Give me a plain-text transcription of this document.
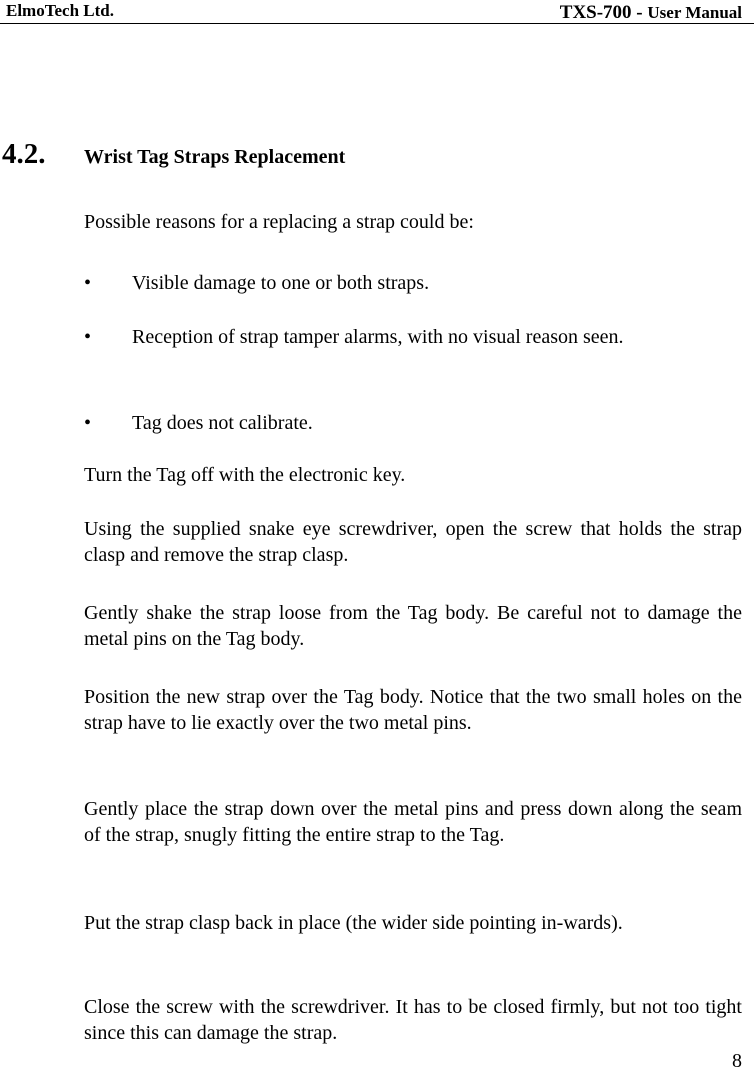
ElmoTech Ltd.	TXS-700 - User Manual
4.2. Wrist Tag Straps Replacement
Possible reasons for a replacing a strap could be:
•	Visible damage to one or both straps.
•	Reception of strap tamper alarms, with no visual reason seen.
•	Tag does not calibrate.
Turn the Tag off with the electronic key.
Using the supplied snake eye screwdriver, open the screw that holds the strap clasp and remove the strap clasp.
Gently shake the strap loose from the Tag body. Be careful not to damage the metal pins on the Tag body.
Position the new strap over the Tag body. Notice that the two small holes on the strap have to lie exactly over the two metal pins.
Gently place the strap down over the metal pins and press down along the seam of the strap, snugly fitting the entire strap to the Tag.
Put the strap clasp back in place (the wider side pointing in-wards).
Close the screw with the screwdriver. It has to be closed firmly, but not too tight since this can damage the strap.
8
